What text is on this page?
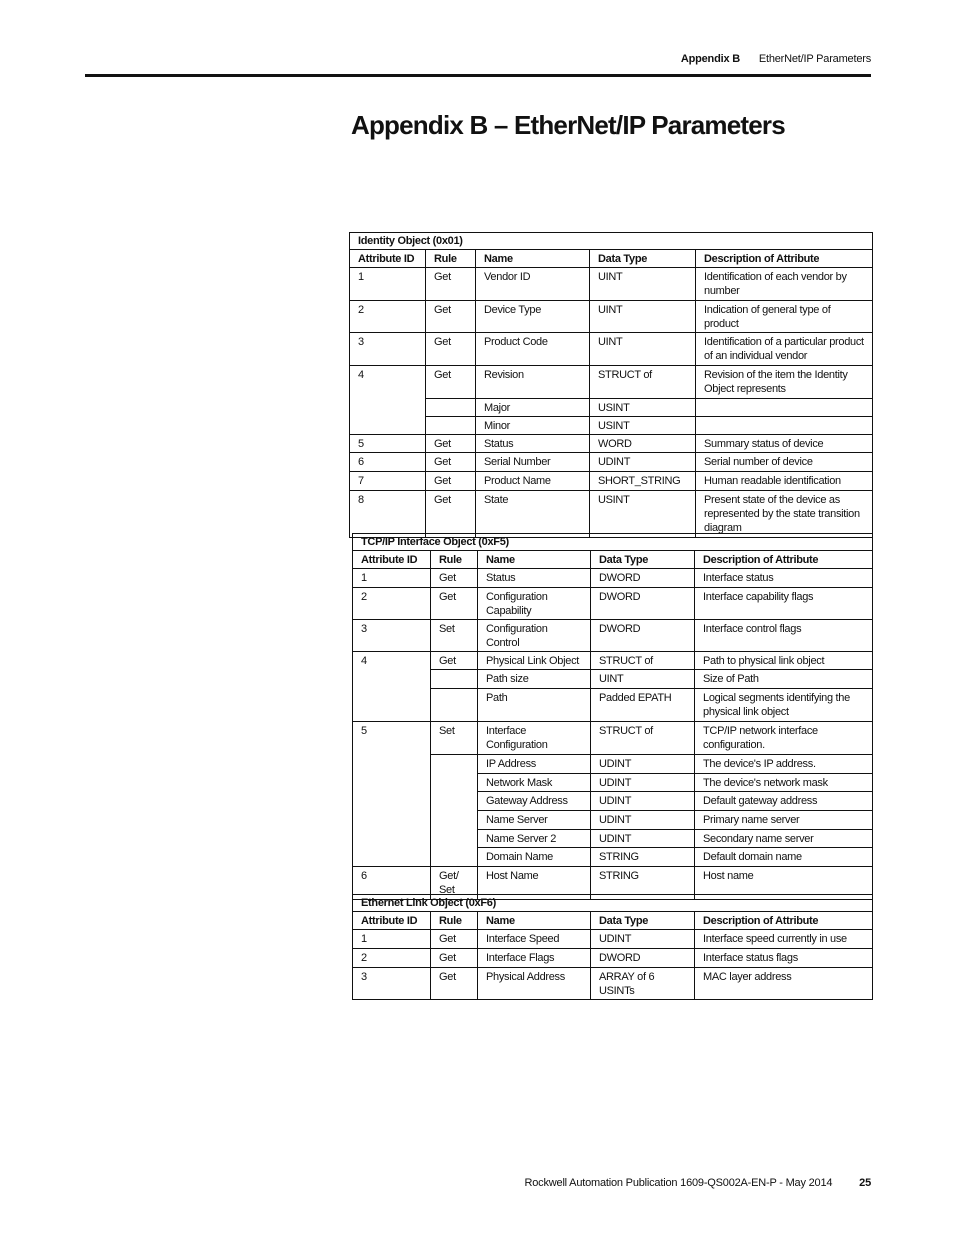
Appendix B EtherNet/IP Parameters
Appendix B – EtherNet/IP Parameters
Identity Object (0x01)				
Attribute ID	Rule	Name	Data Type	Description of Attribute
1	Get	Vendor ID	UINT	Identification of each vendor by number
2	Get	Device Type	UINT	Indication of general type of product
3	Get	Product Code	UINT	Identification of a particular product of an individual vendor
4	Get	Revision	STRUCT of	Revision of the item the Identity Object represents
		Major	USINT	
		Minor	USINT	
5	Get	Status	WORD	Summary status of device
6	Get	Serial Number	UDINT	Serial number of device
7	Get	Product Name	SHORT_STRING	Human readable identification
8	Get	State	USINT	Present state of the device as represented by the state transition diagram
TCP/IP Interface Object (0xF5)				
Attribute ID	Rule	Name	Data Type	Description of Attribute
1	Get	Status	DWORD	Interface status
2	Get	Configuration Capability	DWORD	Interface capability flags
3	Set	Configuration Control	DWORD	Interface control flags
4	Get	Physical Link Object	STRUCT of	Path to physical link object
		Path size	UINT	Size of Path
		Path	Padded EPATH	Logical segments identifying the physical link object
5	Set	Interface Configuration	STRUCT of	TCP/IP network interface configuration.
		IP Address	UDINT	The device's IP address.
		Network Mask	UDINT	The device's network mask
		Gateway Address	UDINT	Default gateway address
		Name Server	UDINT	Primary name server
		Name Server 2	UDINT	Secondary name server
		Domain Name	STRING	Default domain name
6	Get/ Set	Host Name	STRING	Host name
Ethernet Link Object (0xF6)				
Attribute ID	Rule	Name	Data Type	Description of Attribute
1	Get	Interface Speed	UDINT	Interface speed currently in use
2	Get	Interface Flags	DWORD	Interface status flags
3	Get	Physical Address	ARRAY of 6 USINTs	MAC layer address
Rockwell Automation Publication 1609-QS002A-EN-P - May 2014 25
